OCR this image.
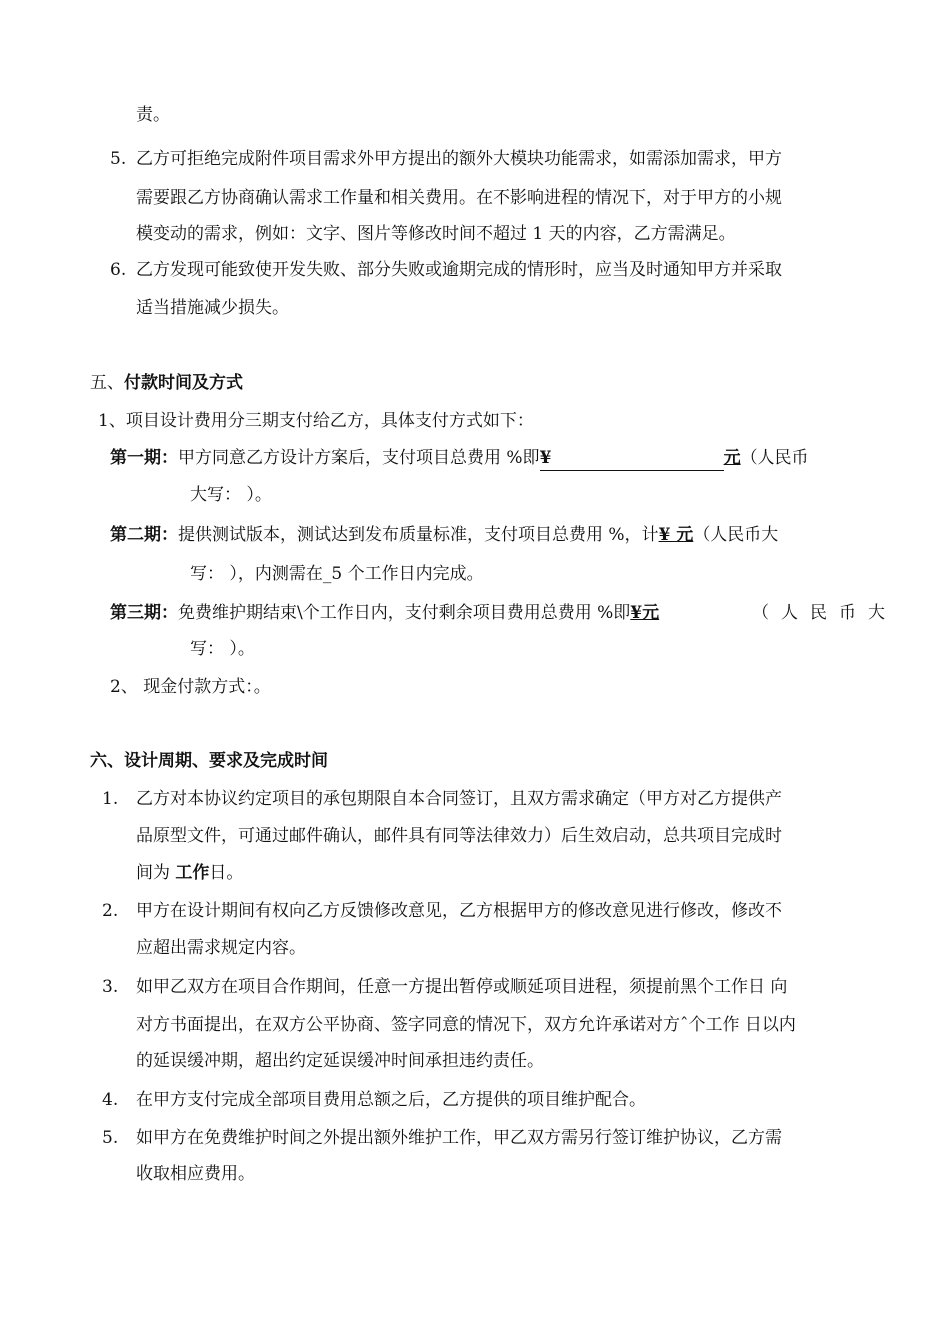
责。
5. 乙方可拒绝完成附件项目需求外甲方提出的额外大模块功能需求，如需添加需求，甲方
需要跟乙方协商确认需求工作量和相关费用。在不影响进程的情况下，对于甲方的小规
模变动的需求，例如：文字、图片等修改时间不超过 1 天的内容，乙方需满足。
6. 乙方发现可能致使开发失败、部分失败或逾期完成的情形时，应当及时通知甲方并采取
适当措施减少损失。
五、付款时间及方式
1、项目设计费用分三期支付给乙方，具体支付方式如下：
第一期：甲方同意乙方设计方案后，支付项目总费用 %即¥	元（人民币
大写： ）。
第二期：提供测试版本，测试达到发布质量标准，支付项目总费用 %，计¥ 元（人民币大
写： ），内测需在_5 个工作日内完成。
第三期：免费维护期结束\个工作日内，支付剩余项目费用总费用 %即¥元	（ 人 民 币 大
写： ）。
2、 现金付款方式：。
六、设计周期、要求及完成时间
1. 乙方对本协议约定项目的承包期限自本合同签订，且双方需求确定（甲方对乙方提供产
品原型文件，可通过邮件确认，邮件具有同等法律效力）后生效启动，总共项目完成时
间为 工作日。
2. 甲方在设计期间有权向乙方反馈修改意见，乙方根据甲方的修改意见进行修改，修改不
应超出需求规定内容。
3. 如甲乙双方在项目合作期间，任意一方提出暂停或顺延项目进程，须提前黑个工作日 向
对方书面提出，在双方公平协商、签字同意的情况下，双方允许承诺对方ˆ个工作 日以内
的延误缓冲期，超出约定延误缓冲时间承担违约责任。
4. 在甲方支付完成全部项目费用总额之后，乙方提供的项目维护配合。
5. 如甲方在免费维护时间之外提出额外维护工作，甲乙双方需另行签订维护协议，乙方需
收取相应费用。
